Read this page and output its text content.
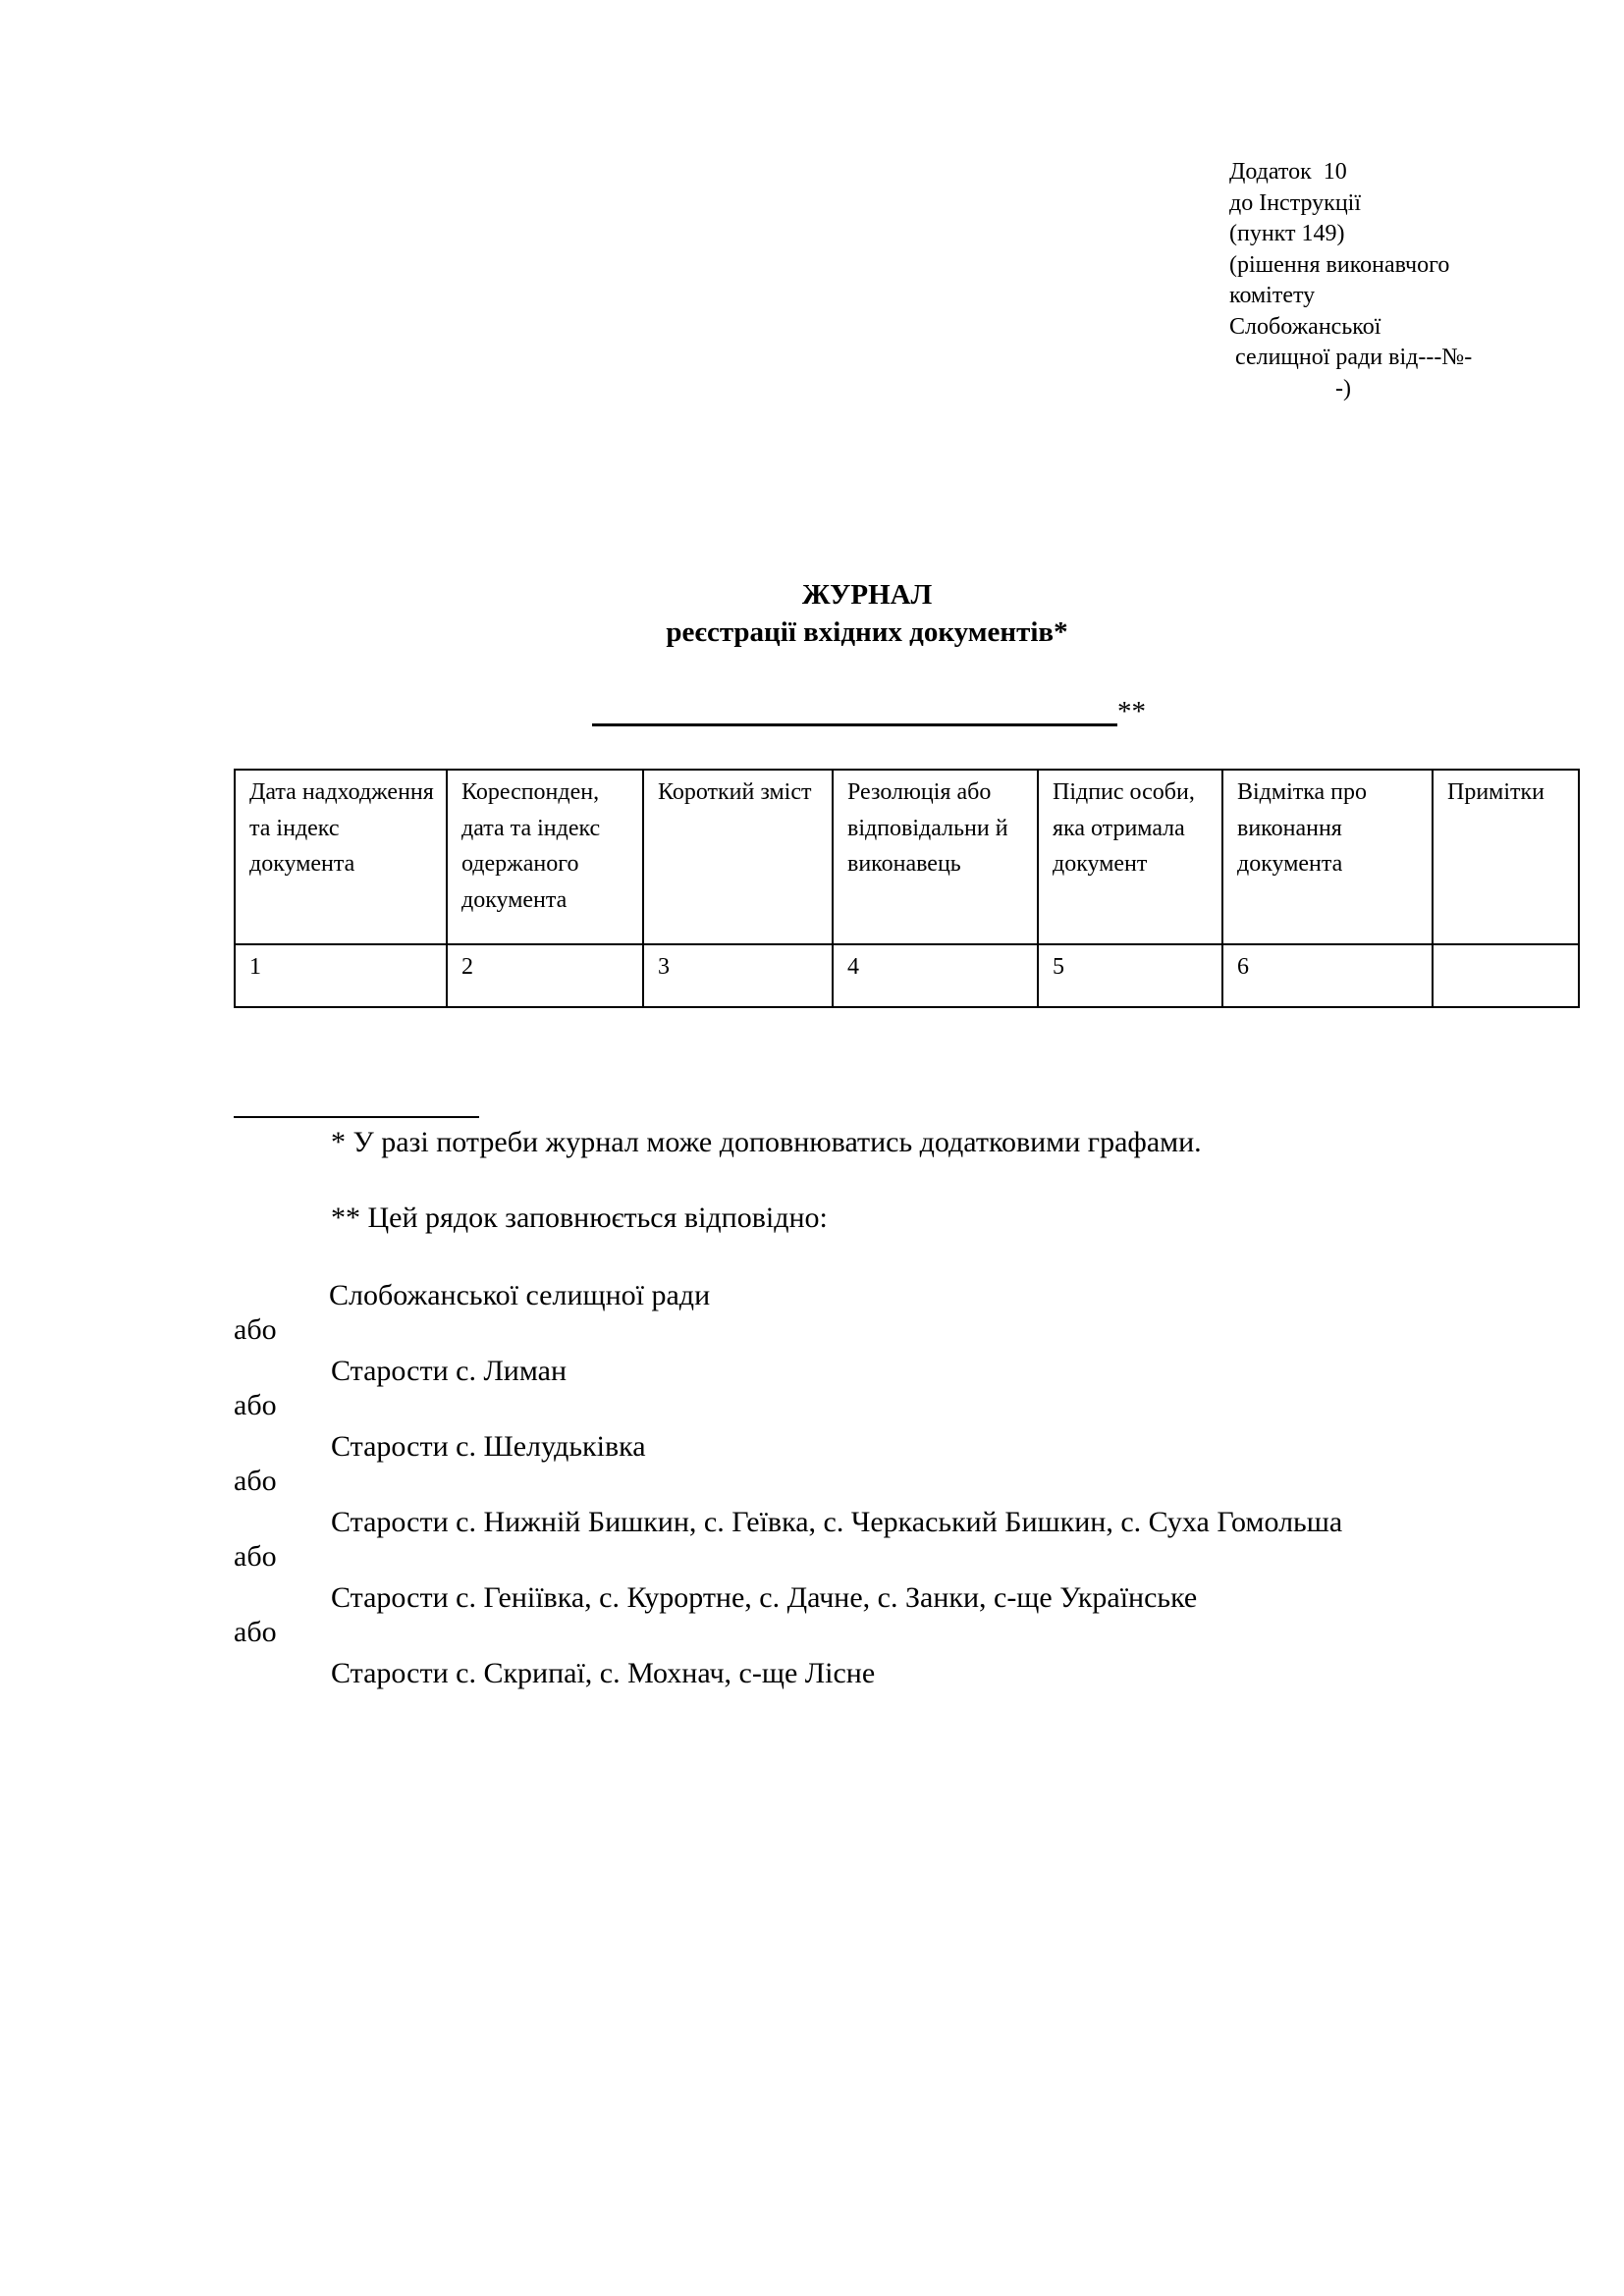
Додаток  10
до Інструкції
(пункт 149)
(рішення виконавчого
комітету
Слобожанської
селищної ради від---№-
-)
ЖУРНАЛ
реєстрації вхідних документів*
**
Дата надходження та індекс документа	Кореспонден, дата та індекс одержаного документа	Короткий зміст	Резолюція або відповідальни й виконавець	Підпис особи, яка отримала документ	Відмітка про виконання документа	Примітки
1	2	3	4	5	6	
* У разі потреби журнал може доповнюватись додатковими графами.
** Цей рядок заповнюється відповідно:
Слобожанської селищної ради
або
Старости с. Лиман
або
Старости с. Шелудьківка
або
Старости с. Нижній Бишкин, с. Геївка, с. Черкаський Бишкин, с. Суха Гомольша
або
Старости с. Геніївка, с. Курортне, с. Дачне, с. Занки, с-ще Українське
або
Старости с. Скрипаї, с. Мохнач, с-ще Лісне
